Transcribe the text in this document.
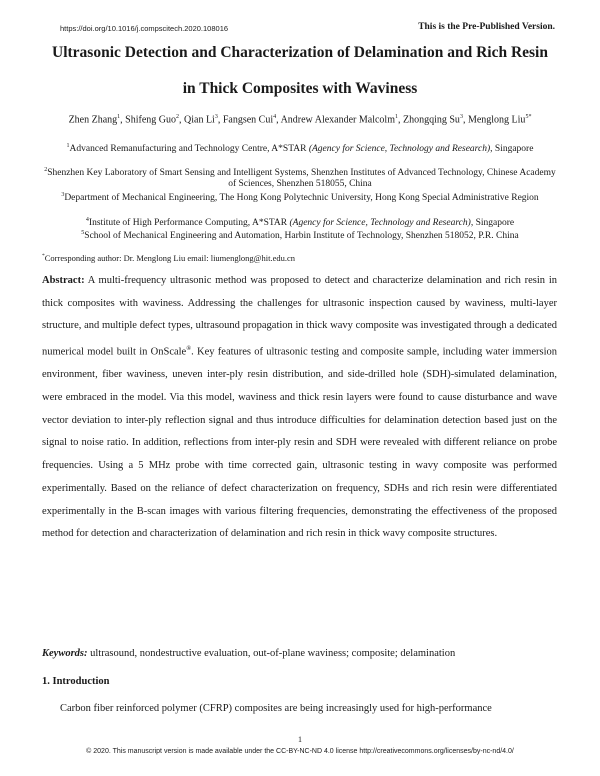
https://doi.org/10.1016/j.compscitech.2020.108016	This is the Pre-Published Version.
Ultrasonic Detection and Characterization of Delamination and Rich Resin
in Thick Composites with Waviness
Zhen Zhang$^1$, Shifeng Guo$^2$, Qian Li$^3$, Fangsen Cui$^4$, Andrew Alexander Malcolm$^1$, Zhongqing Su$^3$, Menglong Liu$^{5*}$
$^1$Advanced Remanufacturing and Technology Centre, A*STAR (Agency for Science, Technology and Research), Singapore
$^2$Shenzhen Key Laboratory of Smart Sensing and Intelligent Systems, Shenzhen Institutes of Advanced Technology, Chinese Academy of Sciences, Shenzhen 518055, China
$^3$Department of Mechanical Engineering, The Hong Kong Polytechnic University, Hong Kong Special Administrative Region
$^4$Institute of High Performance Computing, A*STAR (Agency for Science, Technology and Research), Singapore
$^5$School of Mechanical Engineering and Automation, Harbin Institute of Technology, Shenzhen 518052, P.R. China
*Corresponding author: Dr. Menglong Liu email: liumenglong@hit.edu.cn
Abstract: A multi-frequency ultrasonic method was proposed to detect and characterize delamination and rich resin in thick composites with waviness. Addressing the challenges for ultrasonic inspection caused by waviness, multi-layer structure, and multiple defect types, ultrasound propagation in thick wavy composite was investigated through a dedicated numerical model built in OnScale®. Key features of ultrasonic testing and composite sample, including water immersion environment, fiber waviness, uneven inter-ply resin distribution, and side-drilled hole (SDH)-simulated delamination, were embraced in the model. Via this model, waviness and thick resin layers were found to cause disturbance and wave vector deviation to inter-ply reflection signal and thus introduce difficulties for delamination detection based just on the signal to noise ratio. In addition, reflections from inter-ply resin and SDH were revealed with different reliance on probe frequencies. Using a 5 MHz probe with time corrected gain, ultrasonic testing in wavy composite was performed experimentally. Based on the reliance of defect characterization on frequency, SDHs and rich resin were differentiated experimentally in the B-scan images with various filtering frequencies, demonstrating the effectiveness of the proposed method for detection and characterization of delamination and rich resin in thick wavy composite structures.
Keywords: ultrasound, nondestructive evaluation, out-of-plane waviness; composite; delamination
1. Introduction
Carbon fiber reinforced polymer (CFRP) composites are being increasingly used for high-performance
1
© 2020. This manuscript version is made available under the CC-BY-NC-ND 4.0 license http://creativecommons.org/licenses/by-nc-nd/4.0/
